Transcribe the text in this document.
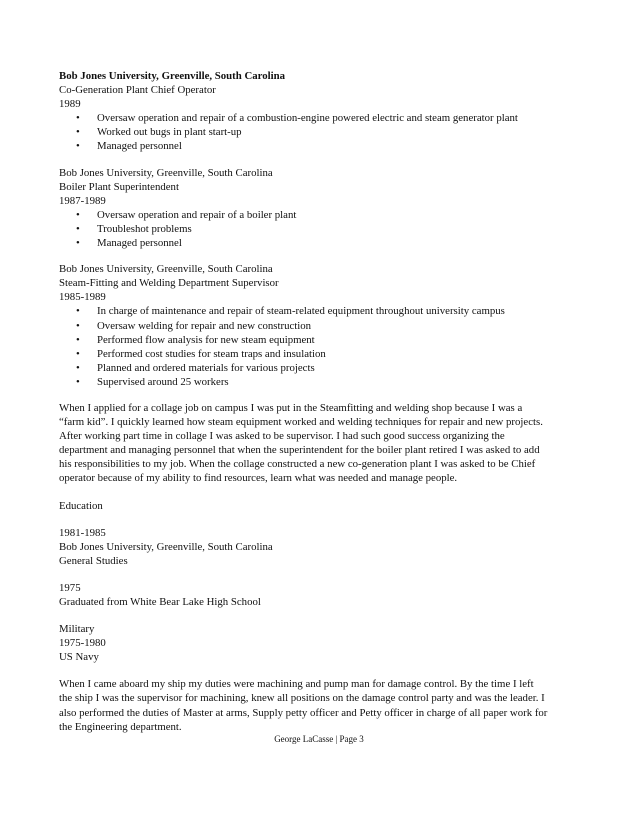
Bob Jones University, Greenville, South Carolina
Co-Generation Plant Chief Operator
1989
• Oversaw operation and repair of a combustion-engine powered electric and steam generator plant
• Worked out bugs in plant start-up
• Managed personnel
Bob Jones University, Greenville, South Carolina
Boiler Plant Superintendent
1987-1989
• Oversaw operation and repair of a boiler plant
• Troubleshot problems
• Managed personnel
Bob Jones University, Greenville, South Carolina
Steam-Fitting and Welding Department Supervisor
1985-1989
• In charge of maintenance and repair of steam-related equipment throughout university campus
• Oversaw welding for repair and new construction
• Performed flow analysis for new steam equipment
• Performed cost studies for steam traps and insulation
• Planned and ordered materials for various projects
• Supervised around 25 workers
When I applied for a collage job on campus I was put in the Steamfitting and welding shop because I was a
“farm kid”. I quickly learned how steam equipment worked and welding techniques for repair and new projects.
After working part time in collage I was asked to be supervisor. I had such good success organizing the
department and managing personnel that when the superintendent for the boiler plant retired I was asked to add
his responsibilities to my job. When the collage constructed a new co-generation plant I was asked to be Chief
operator because of my ability to find resources, learn what was needed and manage people.
Education
1981-1985
Bob Jones University, Greenville, South Carolina
General Studies
1975
Graduated from White Bear Lake High School
Military
1975-1980
US Navy
When I came aboard my ship my duties were machining and pump man for damage control. By the time I left
the ship I was the supervisor for machining, knew all positions on the damage control party and was the leader. I
also performed the duties of Master at arms, Supply petty officer and Petty officer in charge of all paper work for
the Engineering department.
George LaCasse | Page 3
